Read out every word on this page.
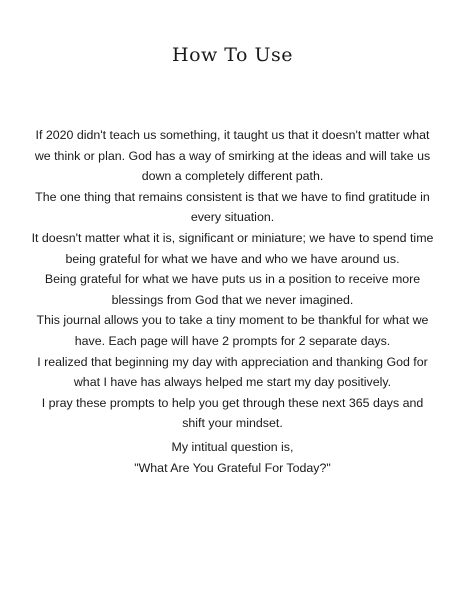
How To Use

If 2020 didn't teach us something, it taught us that it doesn't matter what we think or plan. God has a way of smirking at the ideas and will take us down a completely different path.

The one thing that remains consistent is that we have to find gratitude in every situation.

It doesn't matter what it is, significant or miniature; we have to spend time being grateful for what we have and who we have around us.

Being grateful for what we have puts us in a position to receive more blessings from God that we never imagined.

This journal allows you to take a tiny moment to be thankful for what we have. Each page will have 2 prompts for 2 separate days.

I realized that beginning my day with appreciation and thanking God for what I have has always helped me start my day positively.

I pray these prompts to help you get through these next 365 days and shift your mindset.

My intitual question is,

"What Are You Grateful For Today?"
